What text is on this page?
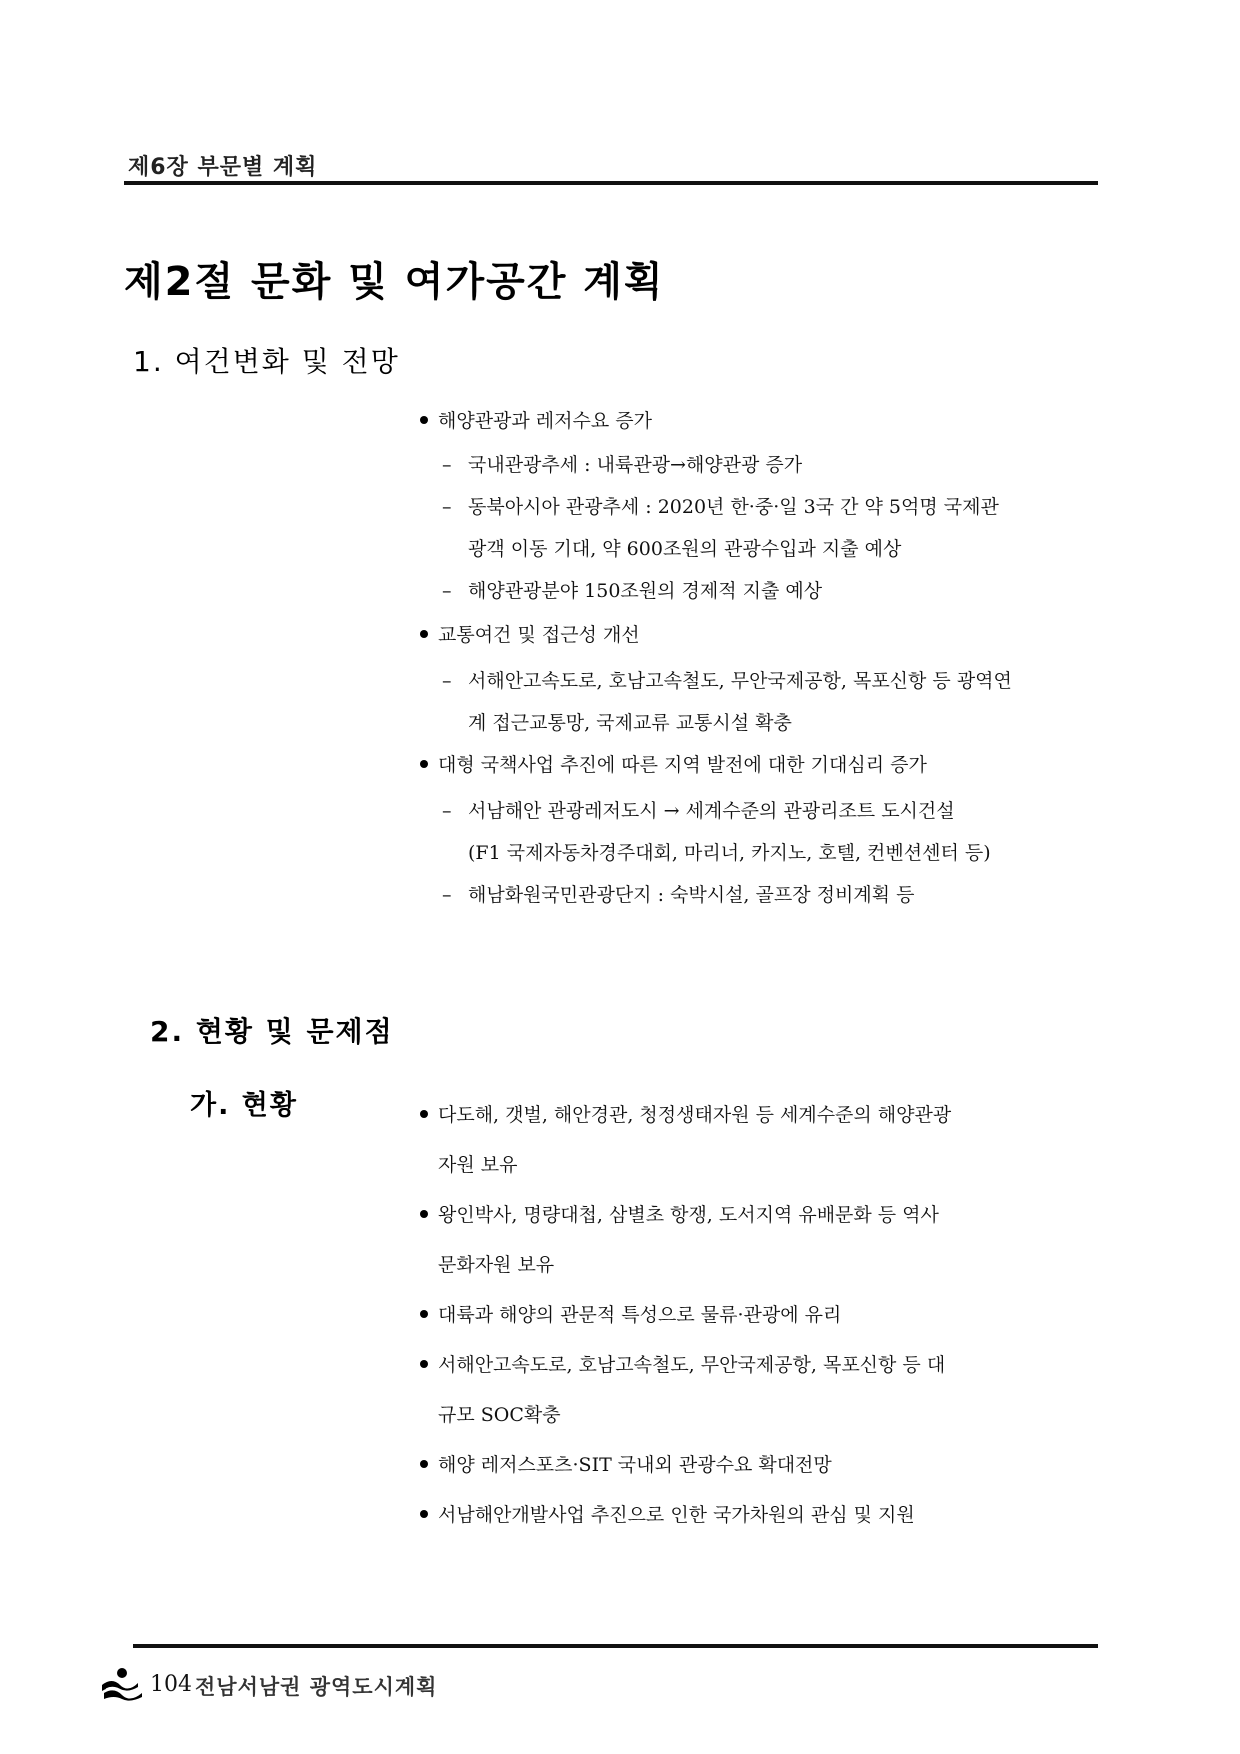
제6장 부문별 계획
제2절 문화 및 여가공간 계획
1. 여건변화 및 전망
해양관광과 레저수요 증가
– 국내관광추세 : 내륙관광→해양관광 증가
– 동북아시아 관광추세 : 2020년 한·중·일 3국 간 약 5억명 국제관
광객 이동 기대, 약 600조원의 관광수입과 지출 예상
– 해양관광분야 150조원의 경제적 지출 예상
교통여건 및 접근성 개선
– 서해안고속도로, 호남고속철도, 무안국제공항, 목포신항 등 광역연
계 접근교통망, 국제교류 교통시설 확충
대형 국책사업 추진에 따른 지역 발전에 대한 기대심리 증가
– 서남해안 관광레저도시 → 세계수준의 관광리조트 도시건설
(F1 국제자동차경주대회, 마리너, 카지노, 호텔, 컨벤션센터 등)
– 해남화원국민관광단지 : 숙박시설, 골프장 정비계획 등
다도해, 갯벌, 해안경관, 청정생태자원 등 세계수준의 해양관광
자원 보유
왕인박사, 명량대첩, 삼별초 항쟁, 도서지역 유배문화 등 역사
문화자원 보유
대륙과 해양의 관문적 특성으로 물류·관광에 유리
서해안고속도로, 호남고속철도, 무안국제공항, 목포신항 등 대
규모 SOC확충
해양 레저스포츠·SIT 국내외 관광수요 확대전망
서남해안개발사업 추진으로 인한 국가차원의 관심 및 지원
2. 현황 및 문제점
가. 현황
104 전남서남권 광역도시계획
